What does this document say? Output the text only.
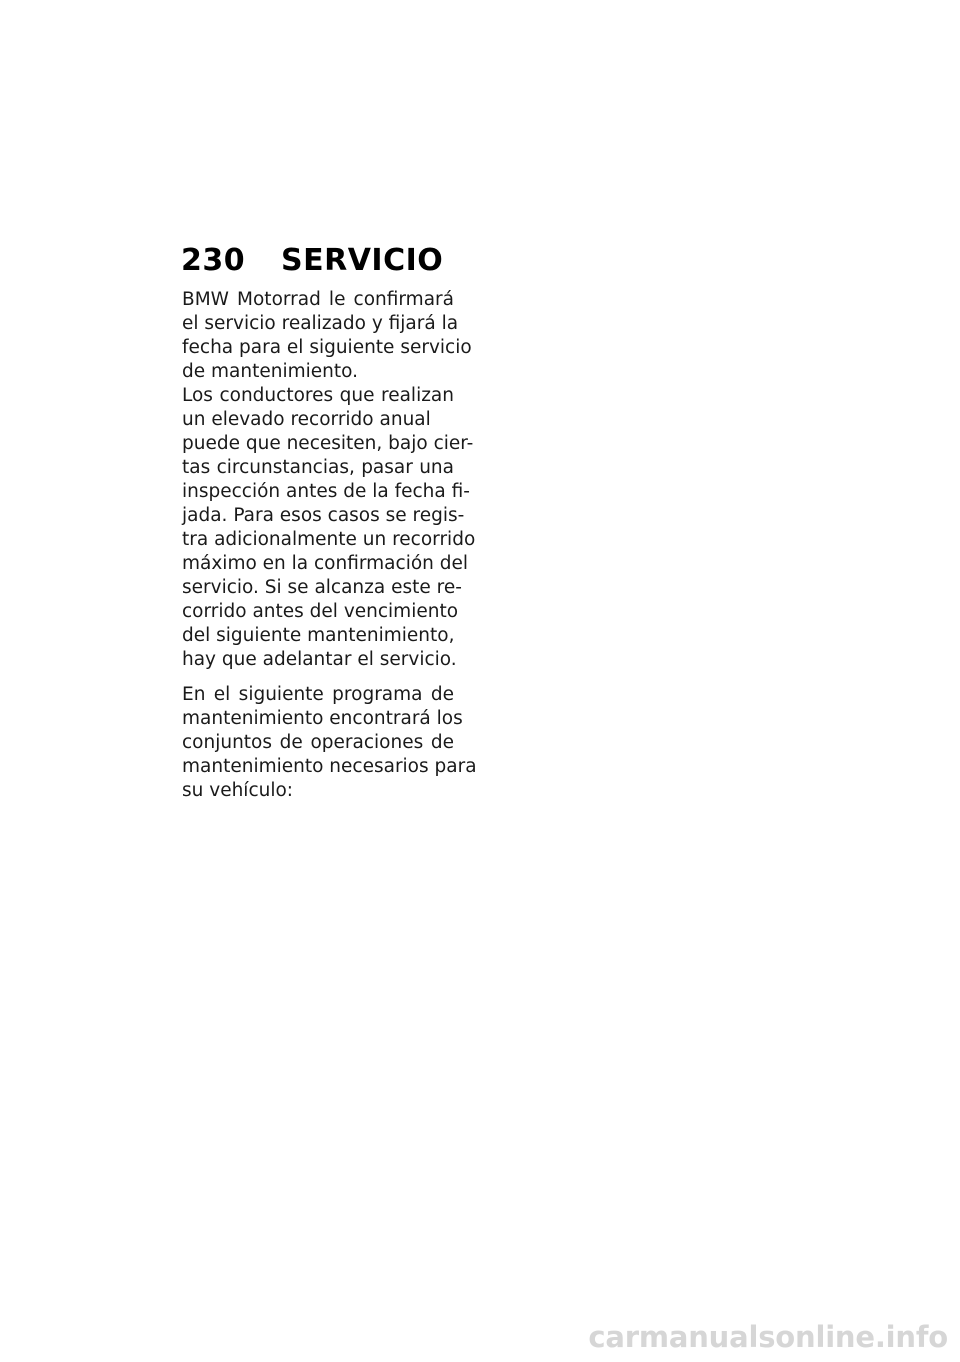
230 SERVICIO
BMW Motorrad le confirmará
el servicio realizado y fijará la
fecha para el siguiente servicio
de mantenimiento.
Los conductores que realizan
un elevado recorrido anual
puede que necesiten, bajo cier-
tas circunstancias, pasar una
inspección antes de la fecha fi-
jada. Para esos casos se regis-
tra adicionalmente un recorrido
máximo en la confirmación del
servicio. Si se alcanza este re-
corrido antes del vencimiento
del siguiente mantenimiento,
hay que adelantar el servicio.
En el siguiente programa de
mantenimiento encontrará los
conjuntos de operaciones de
mantenimiento necesarios para
su vehículo:
carmanualsonline.info
